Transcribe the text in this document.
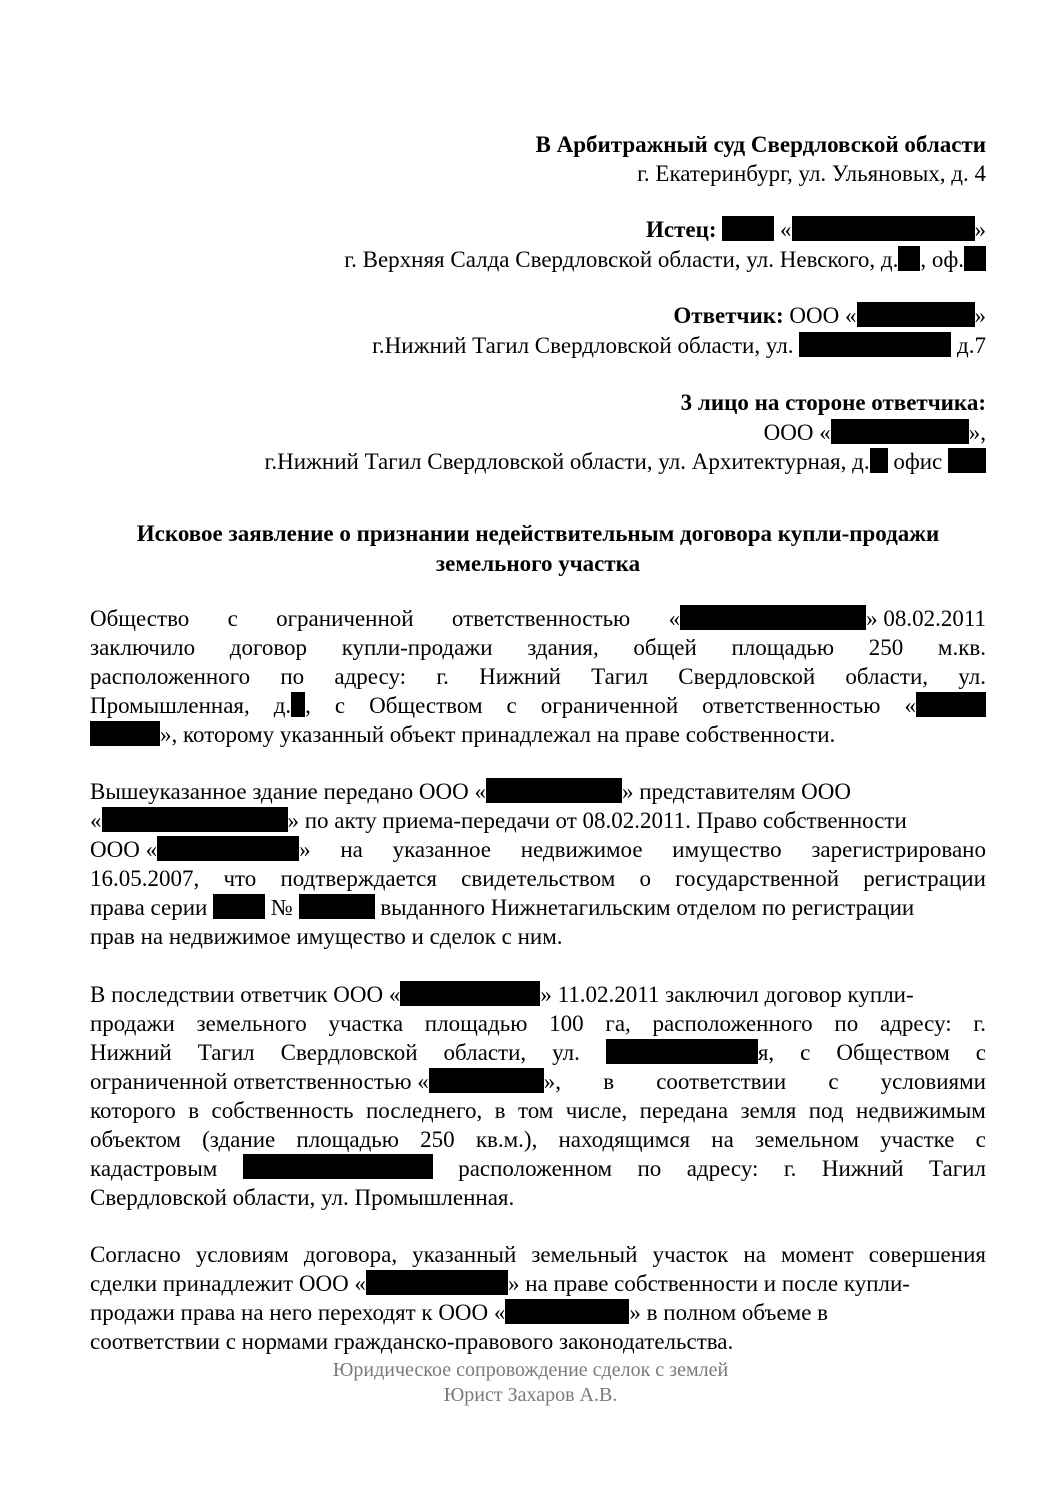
В Арбитражный суд Свердловской области
г. Екатеринбург, ул. Ульяновых, д. 4
Истец:	«	»
г. Верхняя Салда Свердловской области, ул. Невского, д. , оф.
Ответчик: ООО «	»
г.Нижний Тагил Свердловской области, ул.	д.7
3 лицо на стороне ответчика:
ООО «	»,
г.Нижний Тагил Свердловской области, ул. Архитектурная, д. офис
Исковое заявление о признании недействительным договора купли-продажи
земельного участка
Общество с ограниченной ответственностью «	» 08.02.2011
заключило договор купли-продажи здания, общей площадью 250 м.кв.
расположенного по адресу: г. Нижний Тагил Свердловской области, ул.
Промышленная, д. , с Обществом с ограниченной ответственностью «
», которому указанный объект принадлежал на праве собственности.
Вышеуказанное здание передано ООО «	» представителям ООО
«	» по акту приема-передачи от 08.02.2011. Право собственности
ООО «	» на указанное недвижимое имущество зарегистрировано
16.05.2007, что подтверждается свидетельством о государственной регистрации
права серии	№	выданного Нижнетагильским отделом по регистрации
прав на недвижимое имущество и сделок с ним.
В последствии ответчик ООО «	» 11.02.2011 заключил договор купли-
продажи земельного участка площадью 100 га, расположенного по адресу: г.
Нижний Тагил Свердловской области, ул.	я, с Обществом с
ограниченной ответственностью «	», в соответствии с условиями
которого в собственность последнего, в том числе, передана земля под недвижимым
объектом (здание площадью 250 кв.м.), находящимся на земельном участке с
кадастровым	расположенном по адресу: г. Нижний Тагил
Свердловской области, ул. Промышленная.
Согласно условиям договора, указанный земельный участок на момент совершения
сделки принадлежит ООО «	» на праве собственности и после купли-
продажи права на него переходят к ООО «	» в полном объеме в
соответствии с нормами гражданско-правового законодательства.
Юридическое сопровождение сделок с землей
Юрист Захаров А.В.
